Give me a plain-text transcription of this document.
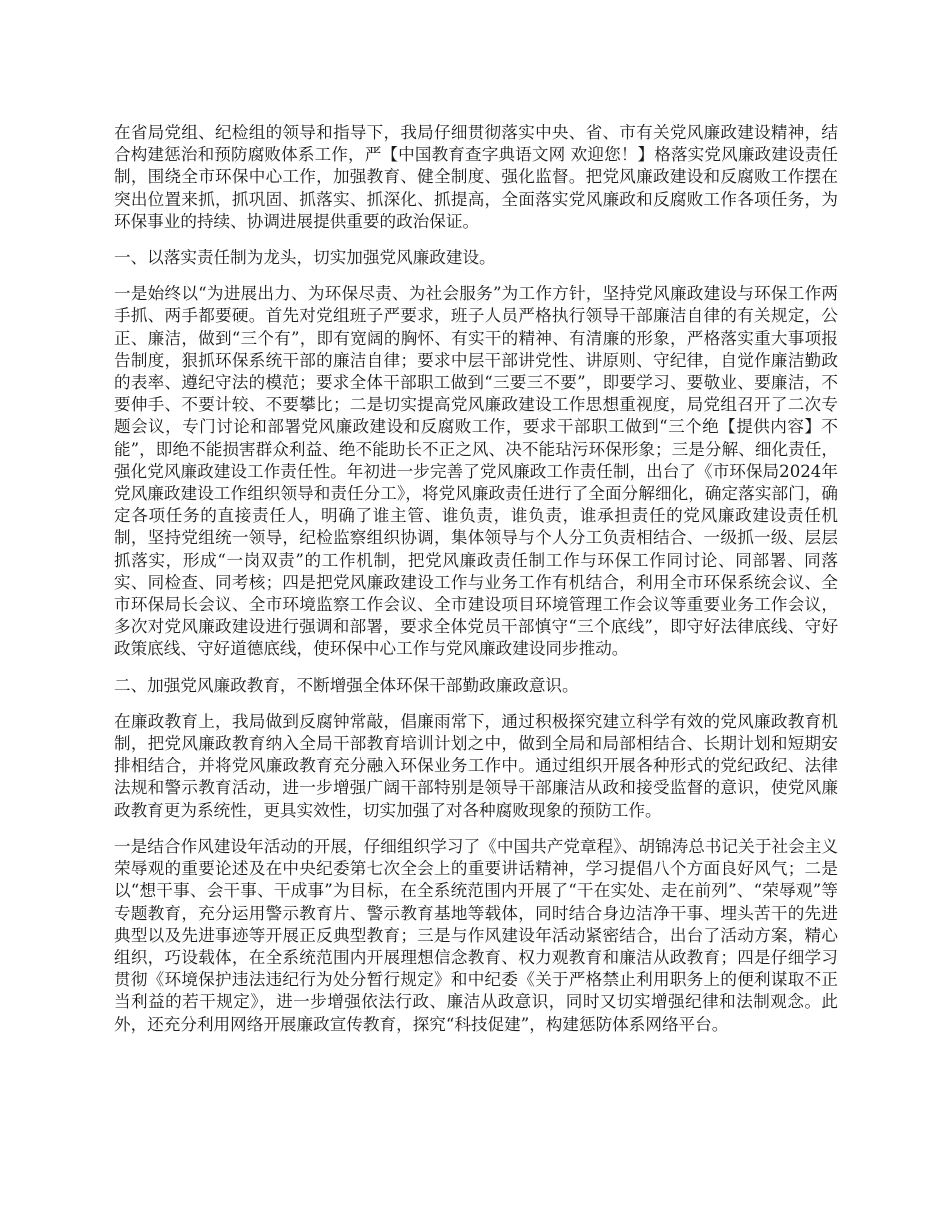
在省局党组、纪检组的领导和指导下，我局仔细贯彻落实中央、省、市有关党风廉政建设精神，结合构建惩治和预防腐败体系工作，严【中国教育查字典语文网 欢迎您！】格落实党风廉政建设责任制，围绕全市环保中心工作，加强教育、健全制度、强化监督。把党风廉政建设和反腐败工作摆在突出位置来抓，抓巩固、抓落实、抓深化、抓提高，全面落实党风廉政和反腐败工作各项任务，为环保事业的持续、协调进展提供重要的政治保证。

一、以落实责任制为龙头，切实加强党风廉政建设。

一是始终以“为进展出力、为环保尽责、为社会服务”为工作方针，坚持党风廉政建设与环保工作两手抓、两手都要硬。首先对党组班子严要求，班子人员严格执行领导干部廉洁自律的有关规定，公正、廉洁，做到“三个有”，即有宽阔的胸怀、有实干的精神、有清廉的形象，严格落实重大事项报告制度，狠抓环保系统干部的廉洁自律；要求中层干部讲党性、讲原则、守纪律，自觉作廉洁勤政的表率、遵纪守法的模范；要求全体干部职工做到“三要三不要”，即要学习、要敬业、要廉洁，不要伸手、不要计较、不要攀比；二是切实提高党风廉政建设工作思想重视度，局党组召开了二次专题会议，专门讨论和部署党风廉政建设和反腐败工作，要求干部职工做到“三个绝【提供内容】不能”，即绝不能损害群众利益、绝不能助长不正之风、决不能玷污环保形象；三是分解、细化责任，强化党风廉政建设工作责任性。年初进一步完善了党风廉政工作责任制，出台了《市环保局2024年党风廉政建设工作组织领导和责任分工》，将党风廉政责任进行了全面分解细化，确定落实部门，确定各项任务的直接责任人，明确了谁主管、谁负责，谁负责，谁承担责任的党风廉政建设责任机制，坚持党组统一领导，纪检监察组织协调，集体领导与个人分工负责相结合、一级抓一级、层层抓落实，形成“一岗双责”的工作机制，把党风廉政责任制工作与环保工作同讨论、同部署、同落实、同检查、同考核；四是把党风廉政建设工作与业务工作有机结合，利用全市环保系统会议、全市环保局长会议、全市环境监察工作会议、全市建设项目环境管理工作会议等重要业务工作会议，多次对党风廉政建设进行强调和部署，要求全体党员干部慎守“三个底线”，即守好法律底线、守好政策底线、守好道德底线，使环保中心工作与党风廉政建设同步推动。

二、加强党风廉政教育，不断增强全体环保干部勤政廉政意识。

在廉政教育上，我局做到反腐钟常敲，倡廉雨常下，通过积极探究建立科学有效的党风廉政教育机制，把党风廉政教育纳入全局干部教育培训计划之中，做到全局和局部相结合、长期计划和短期安排相结合，并将党风廉政教育充分融入环保业务工作中。通过组织开展各种形式的党纪政纪、法律法规和警示教育活动，进一步增强广阔干部特别是领导干部廉洁从政和接受监督的意识，使党风廉政教育更为系统性，更具实效性，切实加强了对各种腐败现象的预防工作。

一是结合作风建设年活动的开展，仔细组织学习了《中国共产党章程》、胡锦涛总书记关于社会主义荣辱观的重要论述及在中央纪委第七次全会上的重要讲话精神，学习提倡八个方面良好风气；二是以“想干事、会干事、干成事”为目标，在全系统范围内开展了“干在实处、走在前列”、“荣辱观”等专题教育，充分运用警示教育片、警示教育基地等载体，同时结合身边洁净干事、埋头苦干的先进典型以及先进事迹等开展正反典型教育；三是与作风建设年活动紧密结合，出台了活动方案，精心组织，巧设载体，在全系统范围内开展理想信念教育、权力观教育和廉洁从政教育；四是仔细学习贯彻《环境保护违法违纪行为处分暂行规定》和中纪委《关于严格禁止利用职务上的便利谋取不正当利益的若干规定》，进一步增强依法行政、廉洁从政意识，同时又切实增强纪律和法制观念。此外，还充分利用网络开展廉政宣传教育，探究“科技促建”，构建惩防体系网络平台。
